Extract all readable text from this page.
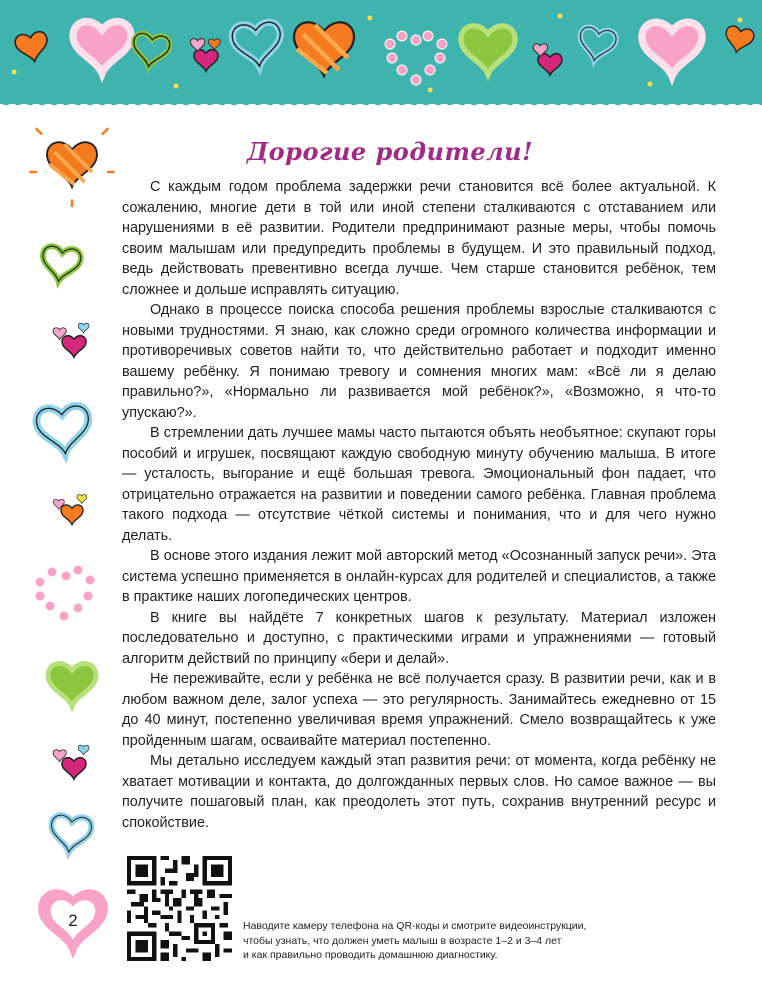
Дорогие родители!

С каждым годом проблема задержки речи становится всё более актуальной. К сожалению, многие дети в той или иной степени сталкиваются с отставанием или нарушениями в её развитии. Родители предпринимают разные меры, чтобы помочь своим малышам или предупредить проблемы в будущем. И это правильный подход, ведь действовать превентивно всегда лучше. Чем старше становится ребёнок, тем сложнее и дольше исправлять ситуацию.

Однако в процессе поиска способа решения проблемы взрослые сталкиваются с новыми трудностями. Я знаю, как сложно среди огромного количества информации и противоречивых советов найти то, что действительно работает и подходит именно вашему ребёнку. Я понимаю тревогу и сомнения многих мам: «Всё ли я делаю правильно?», «Нормально ли развивается мой ребёнок?», «Возможно, я что-то упускаю?».

В стремлении дать лучшее мамы часто пытаются объять необъятное: скупают горы пособий и игрушек, посвящают каждую свободную минуту обучению малыша. В итоге — усталость, выгорание и ещё большая тревога. Эмоциональный фон падает, что отрицательно отражается на развитии и поведении самого ребёнка. Главная проблема такого подхода — отсутствие чёткой системы и понимания, что и для чего нужно делать.

В основе этого издания лежит мой авторский метод «Осознанный запуск речи». Эта система успешно применяется в онлайн-курсах для родителей и специалистов, а также в практике наших логопедических центров.

В книге вы найдёте 7 конкретных шагов к результату. Материал изложен последовательно и доступно, с практическими играми и упражнениями — готовый алгоритм действий по принципу «бери и делай».

Не переживайте, если у ребёнка не всё получается сразу. В развитии речи, как и в любом важном деле, залог успеха — это регулярность. Занимайтесь ежедневно от 15 до 40 минут, постепенно увеличивая время упражнений. Смело возвращайтесь к уже пройденным шагам, осваивайте материал постепенно.

Мы детально исследуем каждый этап развития речи: от момента, когда ребёнку не хватает мотивации и контакта, до долгожданных первых слов. Но самое важное — вы получите пошаговый план, как преодолеть этот путь, сохранив внутренний ресурс и спокойствие.

Наводите камеру телефона на QR-коды и смотрите видеоинструкции,
чтобы узнать, что должен уметь малыш в возрасте 1–2 и 3–4 лет
и как правильно проводить домашнюю диагностику.
2
